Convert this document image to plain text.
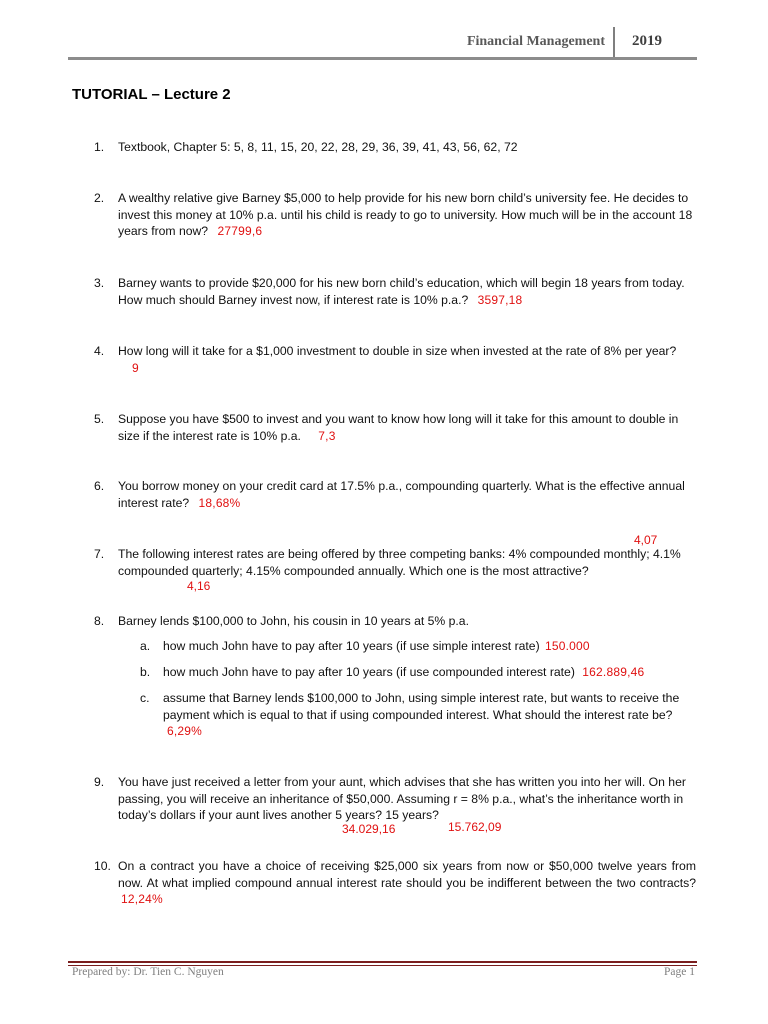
Financial Management 2019
TUTORIAL – Lecture 2
1.	Textbook, Chapter 5: 5, 8, 11, 15, 20, 22, 28, 29, 36, 39, 41, 43, 56, 62, 72
2.	A wealthy relative give Barney $5,000 to help provide for his new born child’s university fee. He decides to invest this money at 10% p.a. until his child is ready to go to university. How much will be in the account 18 years from now? 27799,6
3.	Barney wants to provide $20,000 for his new born child’s education, which will begin 18 years from today. How much should Barney invest now, if interest rate is 10% p.a.? 3597,18
4.	How long will it take for a $1,000 investment to double in size when invested at the rate of 8% per year? 9
5.	Suppose you have $500 to invest and you want to know how long will it take for this amount to double in size if the interest rate is 10% p.a. 7,3
6.	You borrow money on your credit card at 17.5% p.a., compounding quarterly. What is the effective annual interest rate? 18,68%
4,07
7.	The following interest rates are being offered by three competing banks: 4% compounded monthly; 4.1% compounded quarterly; 4.15% compounded annually. Which one is the most attractive?
4,16
8.	Barney lends $100,000 to John, his cousin in 10 years at 5% p.a.
a. how much John have to pay after 10 years (if use simple interest rate) 150.000
b. how much John have to pay after 10 years (if use compounded interest rate) 162.889,46
c. assume that Barney lends $100,000 to John, using simple interest rate, but wants to receive the payment which is equal to that if using compounded interest. What should the interest rate be? 6,29%
9.	You have just received a letter from your aunt, which advises that she has written you into her will. On her passing, you will receive an inheritance of $50,000. Assuming r = 8% p.a., what’s the inheritance worth in today’s dollars if your aunt lives another 5 years? 15 years?
34.029,16	15.762,09
10. On a contract you have a choice of receiving $25,000 six years from now or $50,000 twelve years from now. At what implied compound annual interest rate should you be indifferent between the two contracts? 12,24%
Prepared by: Dr. Tien C. Nguyen	Page 1
